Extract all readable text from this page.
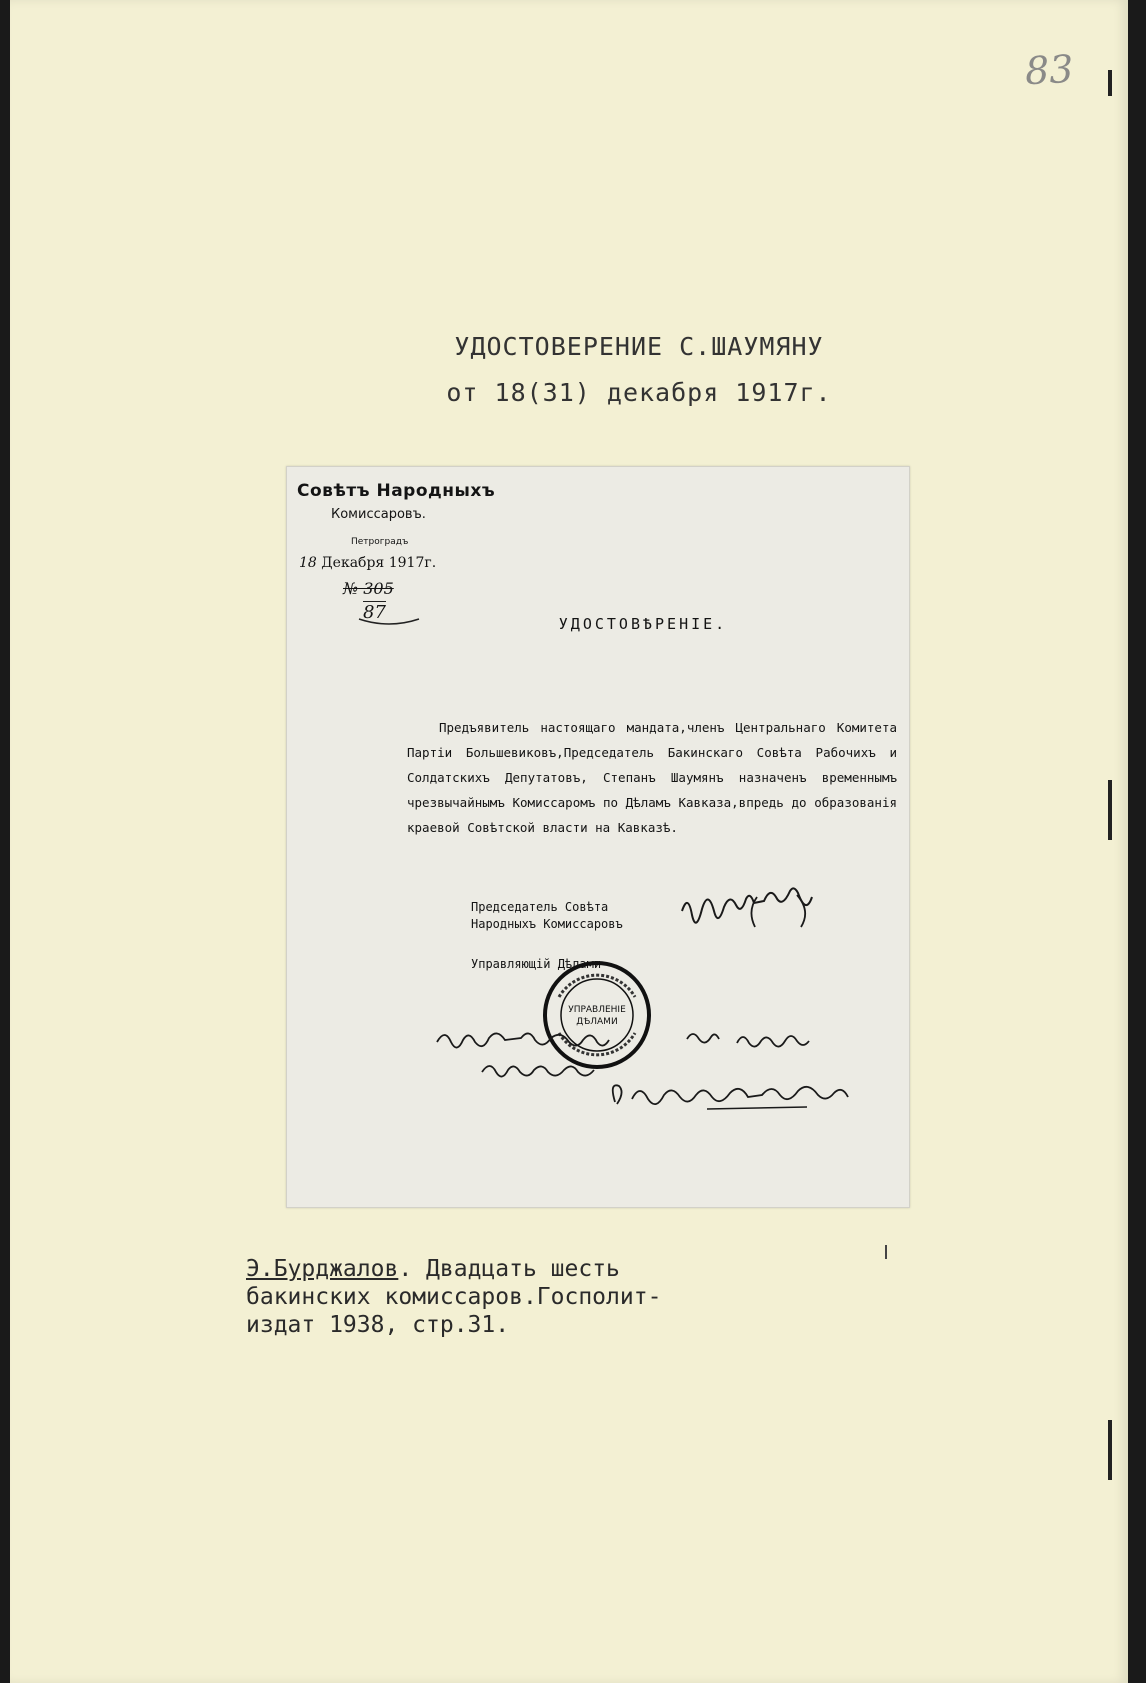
83
УДОСТОВЕРЕНИЕ С.ШАУМЯНУ
от 18(31) декабря 1917г.
Совѣтъ Народныхъ
Комиссаровъ.
Петроградъ
18 Декабря 1917г.
№ 305
87
УДОСТОВѢРЕНІЕ.
Предъявитель настоящаго мандата,членъ Центральнаго Комитета Партіи Большевиковъ,Председатель Бакинскаго Совѣта Рабочихъ и Солдатскихъ Депутатовъ, Степанъ Шаумянъ назначенъ временнымъ чрезвычайнымъ Комиссаромъ по Дѣламъ Кавказа,впредь до образованія краевой Совѣтской власти на Кавказѣ.
Председатель Совѣта
Народныхъ Комиссаровъ
Управляющій Дѣлами
УПРАВЛЕНІЕ
ДѢЛАМИ
Э.Бурджалов. Двадцать шесть
бакинских комиссаров.Госполит-
издат 1938, стр.31.
